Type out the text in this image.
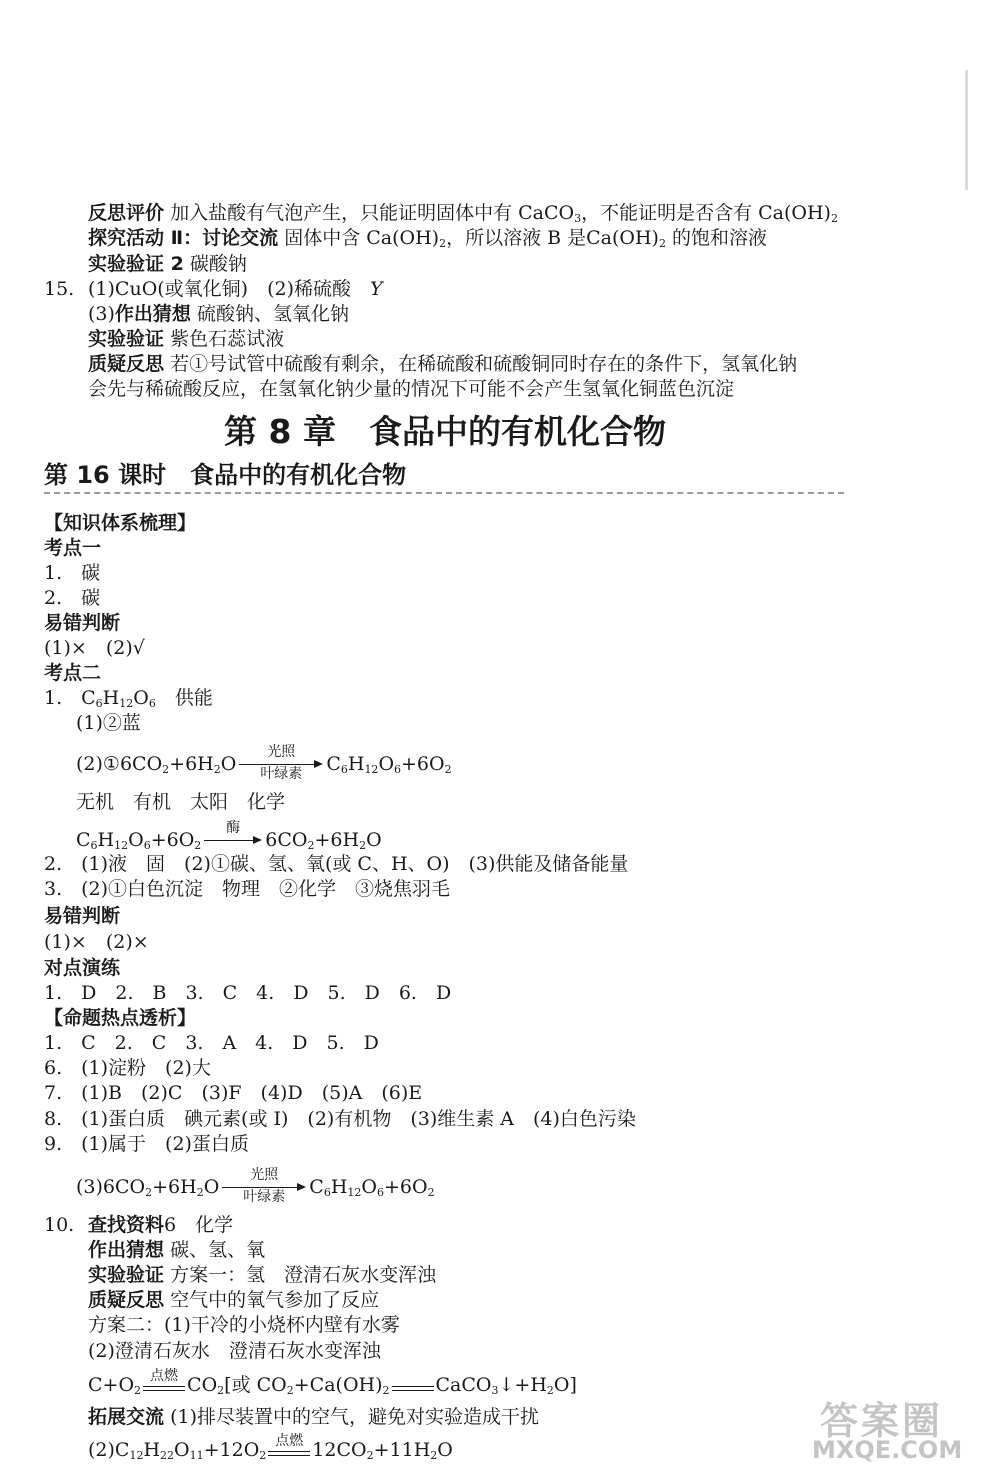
反思评价 加入盐酸有气泡产生，只能证明固体中有 CaCO$_3$，不能证明是否含有 $Ca(OH)_2$
探究活动 Ⅱ：讨论交流 固体中含 $Ca(OH)_2$，所以溶液 B 是$Ca(OH)_2$ 的饱和溶液
实验验证 2 碳酸钠
15. (1)CuO(或氧化铜)　(2)稀硫酸　Y
(3)作出猜想 硫酸钠、氢氧化钠
实验验证 紫色石蕊试液
质疑反思 若①号试管中硫酸有剩余，在稀硫酸和硫酸铜同时存在的条件下，氢氧化钠
会先与稀硫酸反应，在氢氧化钠少量的情况下可能不会产生氢氧化铜蓝色沉淀
第 8 章　食品中的有机化合物
第 16 课时　食品中的有机化合物
【知识体系梳理】
考点一
1.　碳
2.　碳
易错判断
(1)×　(2)√
考点二
1.　$C_6H_{12}O_6$　供能
(1)②蓝
$(2)①6CO_2+6H_2O$
光照
叶绿素	$C_6H_{12}O_6+6O_2$
无机　有机　太阳　化学
$C_6H_{12}O_6+6O_2$
酶
$6CO_2+6H_2O$
2.　(1)液　固　(2)①碳、氢、氧(或 C、H、O)　(3)供能及储备能量
3.　(2)①白色沉淀　物理　②化学　③烧焦羽毛
易错判断
(1)×　(2)×
对点演练
1.　D　2.　B　3.　C　4.　D　5.　D　6.　D
【命题热点透析】
1.　C　2.　C　3.　A　4.　D　5.　D
6.　(1)淀粉　(2)大
7.　(1)B　(2)C　(3)F　(4)D　(5)A　(6)E
8.　(1)蛋白质　碘元素(或 I)　(2)有机物　(3)维生素 A　(4)白色污染
9.　(1)属于　(2)蛋白质
$(3)6CO_2+6H_2O$
光照
叶绿素	$C_6H_{12}O_6+6O_2$
10. 查找资料6　化学
作出猜想 碳、氢、氧
实验验证 方案一：氢　澄清石灰水变浑浊
质疑反思 空气中的氧气参加了反应
方案二：(1)干冷的小烧杯内壁有水雾
(2)澄清石灰水　澄清石灰水变浑浊
$C+O_2$
点燃 $CO_2$[或 $CO_2+Ca(OH)_2$ $CaCO_3↓+H_2O$]
拓展交流 (1)排尽装置中的空气，避免对实验造成干扰
$(2)C_{12}H_{22}O_{11}+12O_2$
点燃 $12CO_2+11H_2O$
答案圈
MXQE.COM
